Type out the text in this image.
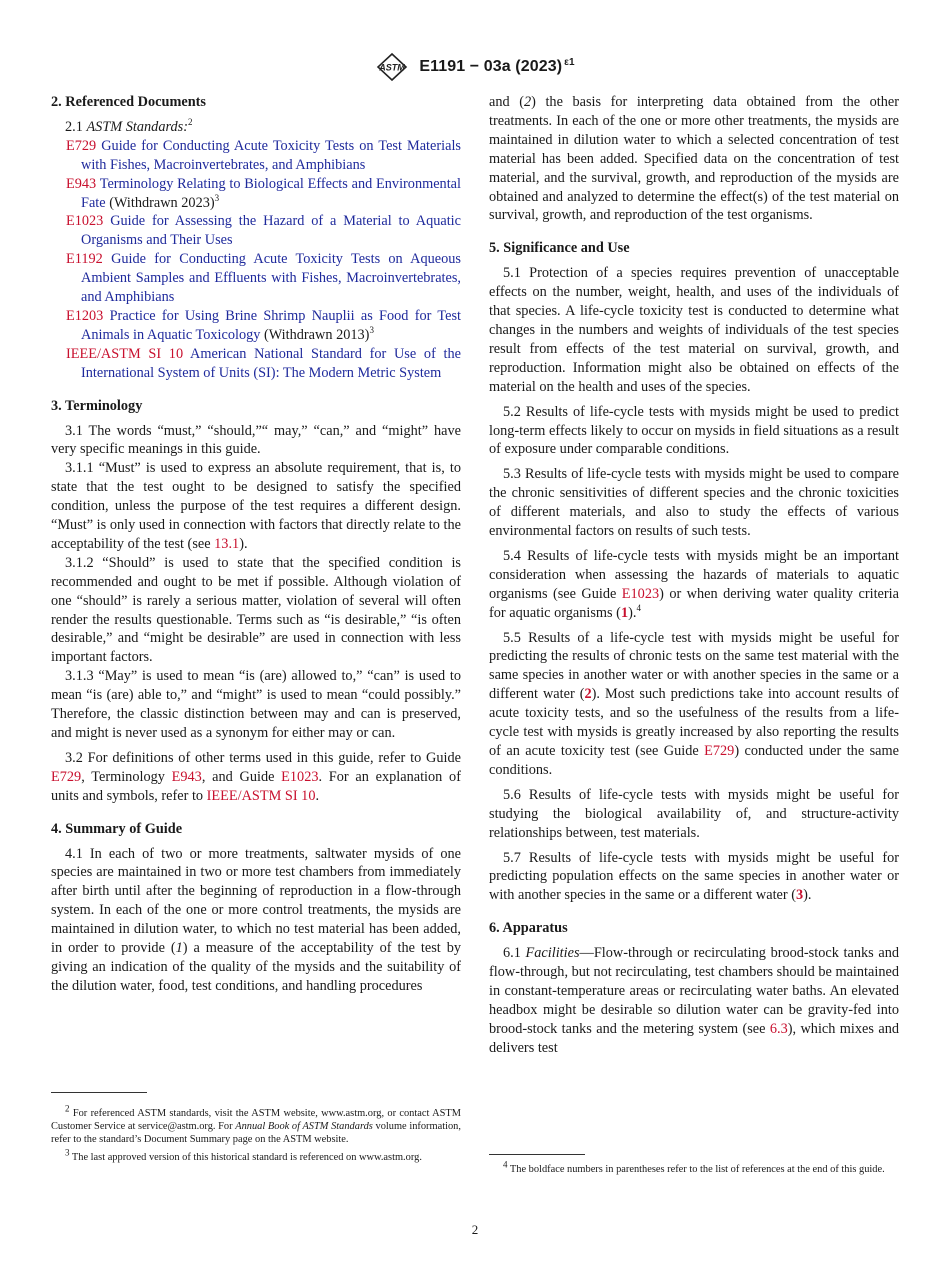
ASTM E1191 − 03a (2023) $^{\varepsilon 1}$
2. Referenced Documents

2.1 ASTM Standards:$^2$

E729 Guide for Conducting Acute Toxicity Tests on Test Materials with Fishes, Macroinvertebrates, and Amphibians

E943 Terminology Relating to Biological Effects and Environmental Fate (Withdrawn 2023)$^3$

E1023 Guide for Assessing the Hazard of a Material to Aquatic Organisms and Their Uses

E1192 Guide for Conducting Acute Toxicity Tests on Aqueous Ambient Samples and Effluents with Fishes, Macroinvertebrates, and Amphibians

E1203 Practice for Using Brine Shrimp Nauplii as Food for Test Animals in Aquatic Toxicology (Withdrawn 2013)$^3$

IEEE/ASTM SI 10 American National Standard for Use of the International System of Units (SI): The Modern Metric System

3. Terminology

3.1 The words “must,” “should,”“ may,” “can,” and “might” have very specific meanings in this guide.

3.1.1 “Must” is used to express an absolute requirement, that is, to state that the test ought to be designed to satisfy the specified condition, unless the purpose of the test requires a different design. “Must” is only used in connection with factors that directly relate to the acceptability of the test (see 13.1).

3.1.2 “Should” is used to state that the specified condition is recommended and ought to be met if possible. Although violation of one “should” is rarely a serious matter, violation of several will often render the results questionable. Terms such as “is desirable,” “is often desirable,” and “might be desirable” are used in connection with less important factors.

3.1.3 “May” is used to mean “is (are) allowed to,” “can” is used to mean “is (are) able to,” and “might” is used to mean “could possibly.” Therefore, the classic distinction between may and can is preserved, and might is never used as a synonym for either may or can.

3.2 For definitions of other terms used in this guide, refer to Guide E729, Terminology E943, and Guide E1023. For an explanation of units and symbols, refer to IEEE/ASTM SI 10.

4. Summary of Guide

4.1 In each of two or more treatments, saltwater mysids of one species are maintained in two or more test chambers from immediately after birth until after the beginning of reproduction in a flow-through system. In each of the one or more control treatments, the mysids are maintained in dilution water, to which no test material has been added, in order to provide (1) a measure of the acceptability of the test by giving an indication of the quality of the mysids and the suitability of the dilution water, food, test conditions, and handling procedures

and (2) the basis for interpreting data obtained from the other treatments. In each of the one or more other treatments, the mysids are maintained in dilution water to which a selected concentration of test material has been added. Specified data on the concentration of test material, and the survival, growth, and reproduction of the mysids are obtained and analyzed to determine the effect(s) of the test material on survival, growth, and reproduction of the test organisms.

5. Significance and Use

5.1 Protection of a species requires prevention of unacceptable effects on the number, weight, health, and uses of the individuals of that species. A life-cycle toxicity test is conducted to determine what changes in the numbers and weights of individuals of the test species result from effects of the test material on survival, growth, and reproduction. Information might also be obtained on effects of the material on the health and uses of the species.

5.2 Results of life-cycle tests with mysids might be used to predict long-term effects likely to occur on mysids in field situations as a result of exposure under comparable conditions.

5.3 Results of life-cycle tests with mysids might be used to compare the chronic sensitivities of different species and the chronic toxicities of different materials, and also to study the effects of various environmental factors on results of such tests.

5.4 Results of life-cycle tests with mysids might be an important consideration when assessing the hazards of materials to aquatic organisms (see Guide E1023) or when deriving water quality criteria for aquatic organisms (1).$^4$

5.5 Results of a life-cycle test with mysids might be useful for predicting the results of chronic tests on the same test material with the same species in another water or with another species in the same or a different water (2). Most such predictions take into account results of acute toxicity tests, and so the usefulness of the results from a life-cycle test with mysids is greatly increased by also reporting the results of an acute toxicity test (see Guide E729) conducted under the same conditions.

5.6 Results of life-cycle tests with mysids might be useful for studying the biological availability of, and structure-activity relationships between, test materials.

5.7 Results of life-cycle tests with mysids might be useful for predicting population effects on the same species in another water or with another species in the same or a different water (3).

6. Apparatus

6.1 Facilities—Flow-through or recirculating brood-stock tanks and flow-through, but not recirculating, test chambers should be maintained in constant-temperature areas or recirculating water baths. An elevated headbox might be desirable so dilution water can be gravity-fed into brood-stock tanks and the metering system (see 6.3), which mixes and delivers test

$^2$ For referenced ASTM standards, visit the ASTM website, www.astm.org, or contact ASTM Customer Service at service@astm.org. For Annual Book of ASTM Standards volume information, refer to the standard’s Document Summary page on the ASTM website.

$^3$ The last approved version of this historical standard is referenced on www.astm.org.

$^4$ The boldface numbers in parentheses refer to the list of references at the end of this guide.

2
